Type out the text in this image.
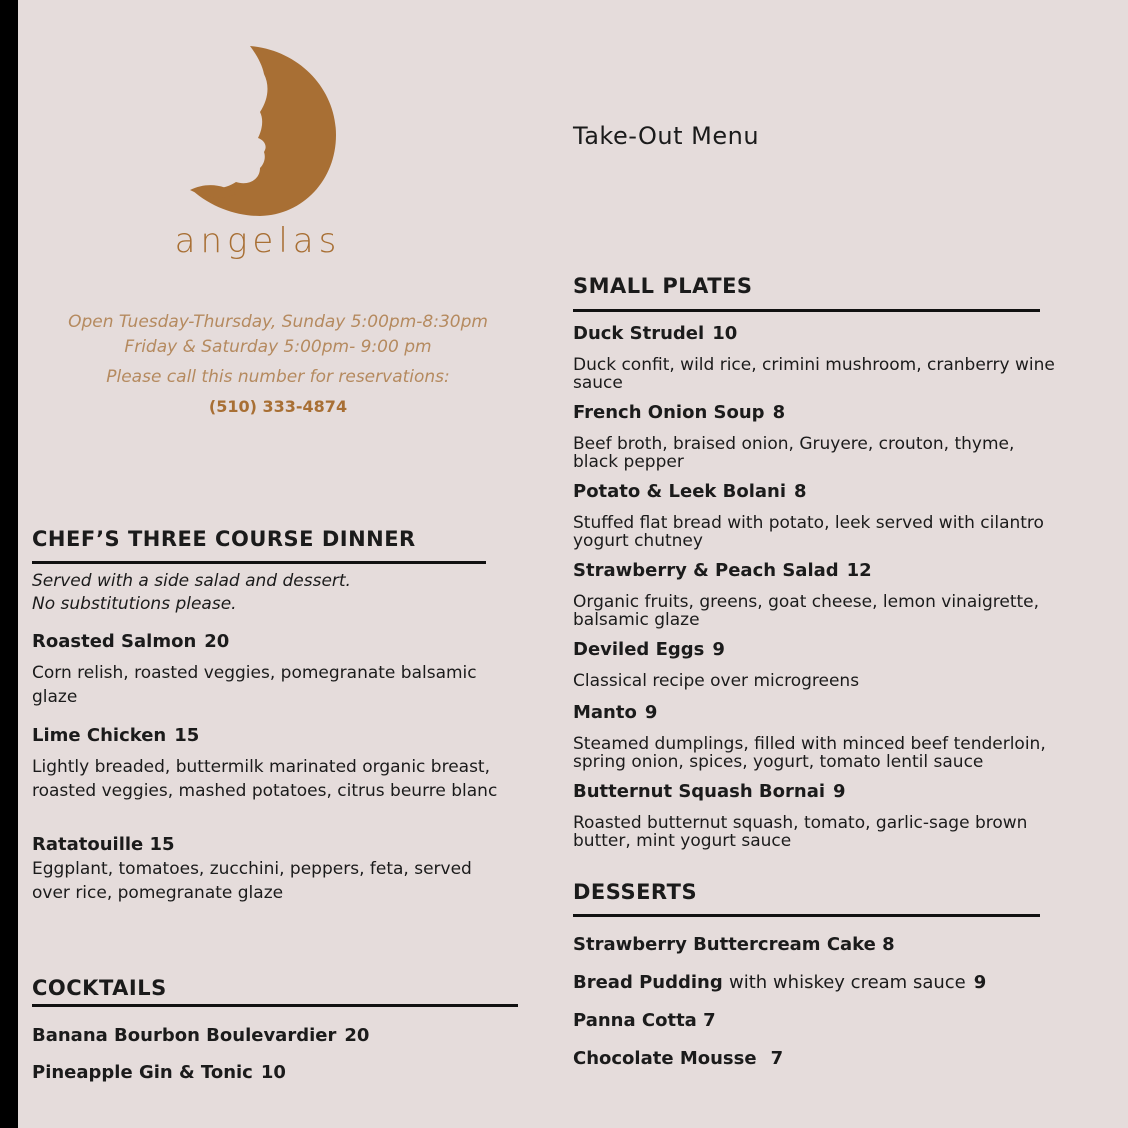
angelas
Open Tuesday-Thursday, Sunday 5:00pm-8:30pm
Friday & Saturday 5:00pm- 9:00 pm
Please call this number for reservations:
(510) 333-4874
Take-Out Menu
CHEF’S THREE COURSE DINNER
Served with a side salad and dessert.
No substitutions please.
Roasted Salmon 20
Corn relish, roasted veggies, pomegranate balsamic
glaze
Lime Chicken 15
Lightly breaded, buttermilk marinated organic breast,
roasted veggies, mashed potatoes, citrus beurre blanc
Ratatouille 15
Eggplant, tomatoes, zucchini, peppers, feta, served
over rice, pomegranate glaze
COCKTAILS
Banana Bourbon Boulevardier 20
Pineapple Gin & Tonic 10
SMALL PLATES
Duck Strudel 10
Duck confit, wild rice, crimini mushroom, cranberry wine
sauce
French Onion Soup 8
Beef broth, braised onion, Gruyere, crouton, thyme,
black pepper
Potato & Leek Bolani 8
Stuffed flat bread with potato, leek served with cilantro
yogurt chutney
Strawberry & Peach Salad 12
Organic fruits, greens, goat cheese, lemon vinaigrette,
balsamic glaze
Deviled Eggs 9
Classical recipe over microgreens
Manto 9
Steamed dumplings, filled with minced beef tenderloin,
spring onion, spices, yogurt, tomato lentil sauce
Butternut Squash Bornai 9
Roasted butternut squash, tomato, garlic-sage brown
butter, mint yogurt sauce
DESSERTS
Strawberry Buttercream Cake 8
Bread Pudding with whiskey cream sauce 9
Panna Cotta 7
Chocolate Mousse 7
